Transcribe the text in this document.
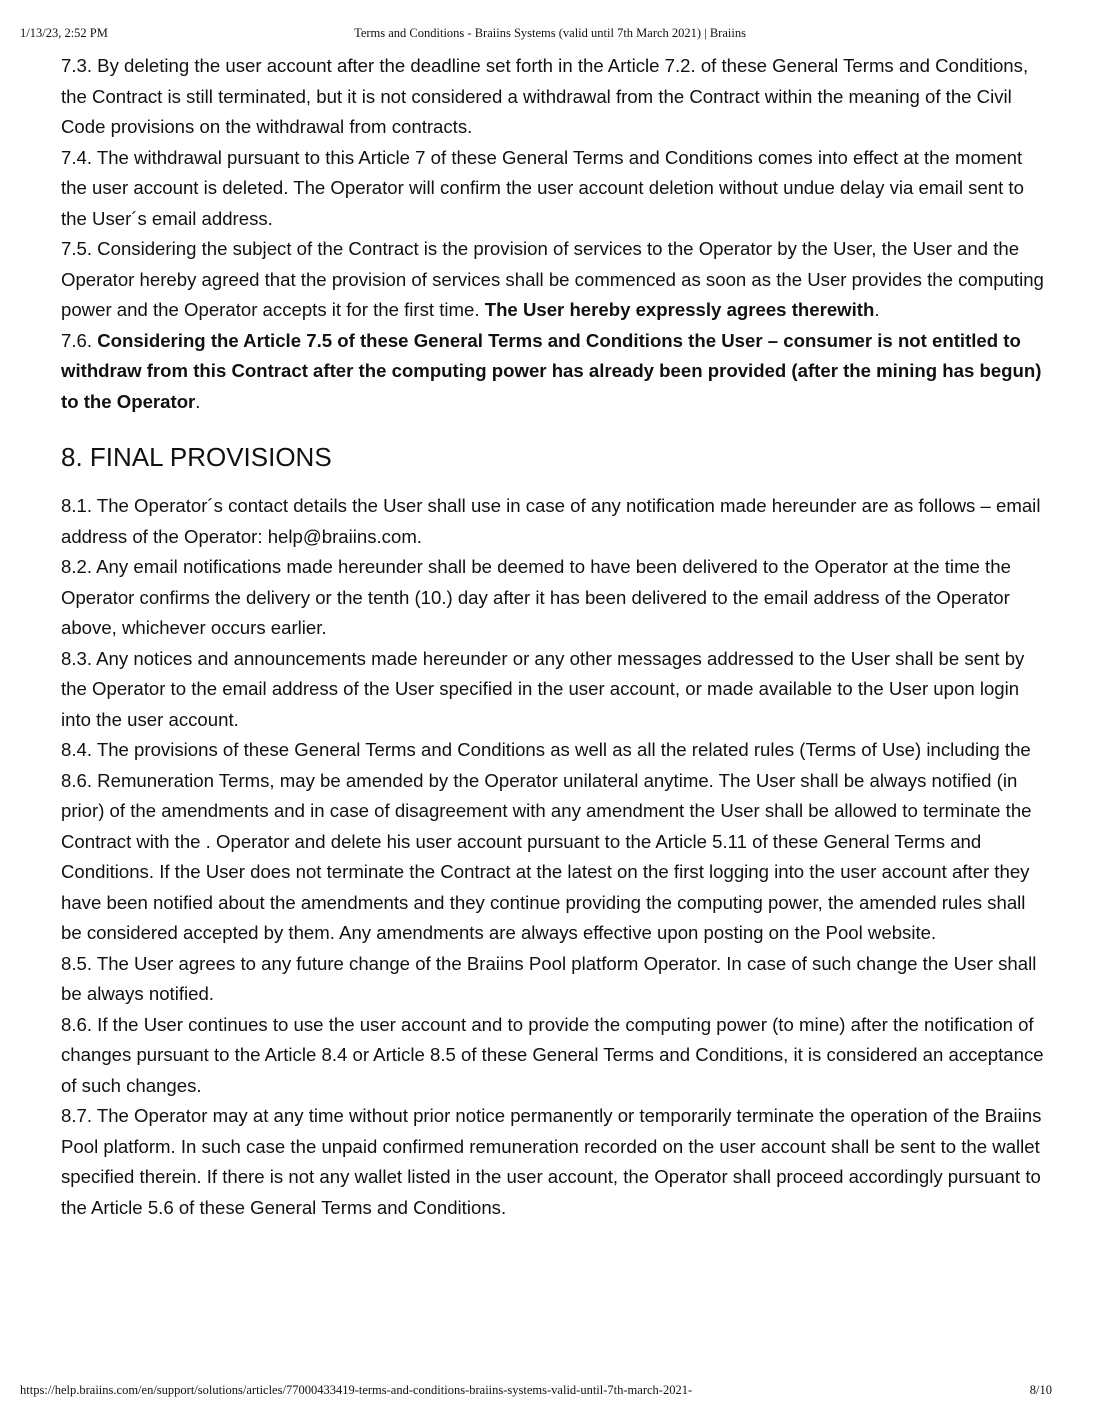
Terms and Conditions - Braiins Systems (valid until 7th March 2021) | Braiins
1/13/23, 2:52 PM

7.3. By deleting the user account after the deadline set forth in the Article 7.2. of these General Terms and Conditions, the Contract is still terminated, but it is not considered a withdrawal from the Contract within the meaning of the Civil Code provisions on the withdrawal from contracts.

7.4. The withdrawal pursuant to this Article 7 of these General Terms and Conditions comes into effect at the moment the user account is deleted. The Operator will confirm the user account deletion without undue delay via email sent to the User´s email address.

7.5. Considering the subject of the Contract is the provision of services to the Operator by the User, the User and the Operator hereby agreed that the provision of services shall be commenced as soon as the User provides the computing power and the Operator accepts it for the first time. The User hereby expressly agrees therewith.

7.6. Considering the Article 7.5 of these General Terms and Conditions the User – consumer is not entitled to withdraw from this Contract after the computing power has already been provided (after the mining has begun) to the Operator.

8. FINAL PROVISIONS

8.1. The Operator´s contact details the User shall use in case of any notification made hereunder are as follows – email address of the Operator: help@braiins.com.

8.2. Any email notifications made hereunder shall be deemed to have been delivered to the Operator at the time the Operator confirms the delivery or the tenth (10.) day after it has been delivered to the email address of the Operator above, whichever occurs earlier.

8.3. Any notices and announcements made hereunder or any other messages addressed to the User shall be sent by the Operator to the email address of the User specified in the user account, or made available to the User upon login into the user account.

8.4. The provisions of these General Terms and Conditions as well as all the related rules (Terms of Use) including the 8.6. Remuneration Terms, may be amended by the Operator unilateral anytime. The User shall be always notified (in prior) of the amendments and in case of disagreement with any amendment the User shall be allowed to terminate the Contract with the . Operator and delete his user account pursuant to the Article 5.11 of these General Terms and Conditions. If the User does not terminate the Contract at the latest on the first logging into the user account after they have been notified about the amendments and they continue providing the computing power, the amended rules shall be considered accepted by them. Any amendments are always effective upon posting on the Pool website.

8.5. The User agrees to any future change of the Braiins Pool platform Operator. In case of such change the User shall be always notified.

8.6. If the User continues to use the user account and to provide the computing power (to mine) after the notification of changes pursuant to the Article 8.4 or Article 8.5 of these General Terms and Conditions, it is considered an acceptance of such changes.

8.7. The Operator may at any time without prior notice permanently or temporarily terminate the operation of the Braiins Pool platform. In such case the unpaid confirmed remuneration recorded on the user account shall be sent to the wallet specified therein. If there is not any wallet listed in the user account, the Operator shall proceed accordingly pursuant to the Article 5.6 of these General Terms and Conditions.

https://help.braiins.com/en/support/solutions/articles/77000433419-terms-and-conditions-braiins-systems-valid-until-7th-march-2021-	8/10
